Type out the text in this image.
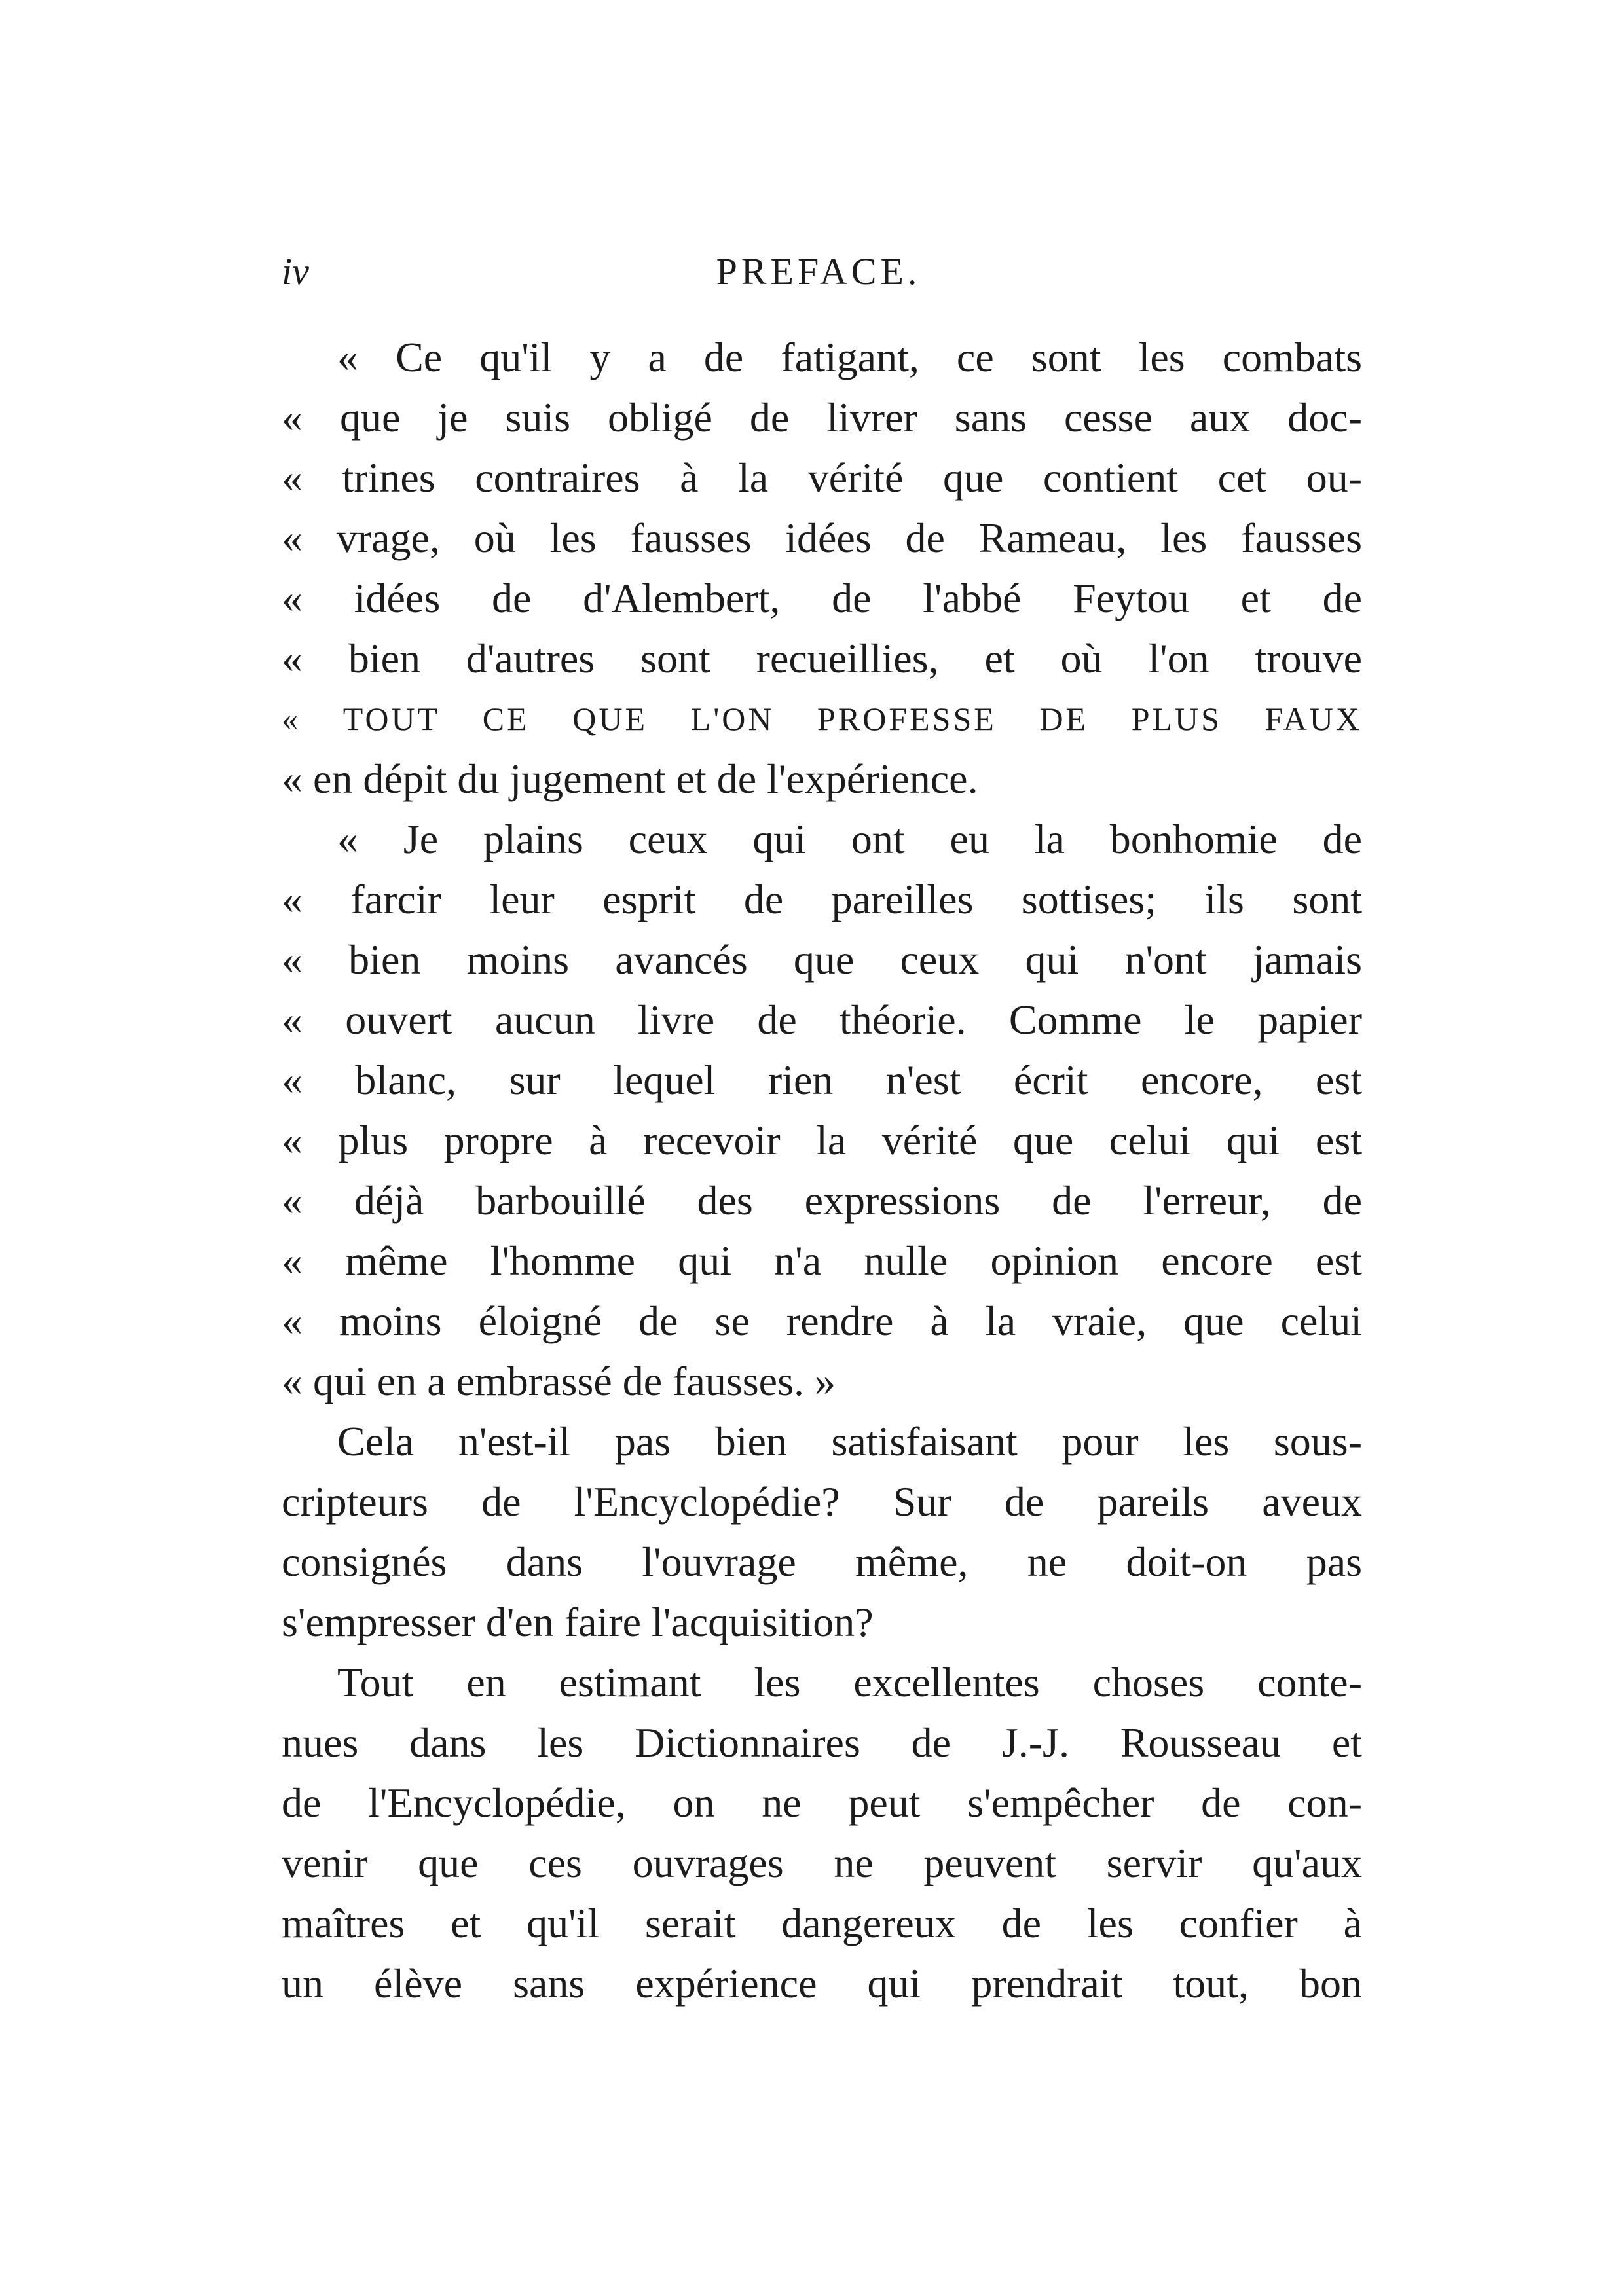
iv	PREFACE.
« Ce qu'il y a de fatigant, ce sont les combats
« que je suis obligé de livrer sans cesse aux doc-
« trines contraires à la vérité que contient cet ou-
« vrage, où les fausses idées de Rameau, les fausses
« idées de d'Alembert, de l'abbé Feytou et de
« bien d'autres sont recueillies, et où l'on trouve
« TOUT CE QUE L'ON PROFESSE DE PLUS FAUX
« en dépit du jugement et de l'expérience.
« Je plains ceux qui ont eu la bonhomie de
« farcir leur esprit de pareilles sottises; ils sont
« bien moins avancés que ceux qui n'ont jamais
« ouvert aucun livre de théorie. Comme le papier
« blanc, sur lequel rien n'est écrit encore, est
« plus propre à recevoir la vérité que celui qui est
« déjà barbouillé des expressions de l'erreur, de
« même l'homme qui n'a nulle opinion encore est
« moins éloigné de se rendre à la vraie, que celui
« qui en a embrassé de fausses. »
Cela n'est-il pas bien satisfaisant pour les sous-
cripteurs de l'Encyclopédie? Sur de pareils aveux
consignés dans l'ouvrage même, ne doit-on pas
s'empresser d'en faire l'acquisition?
Tout en estimant les excellentes choses conte-
nues dans les Dictionnaires de J.-J. Rousseau et
de l'Encyclopédie, on ne peut s'empêcher de con-
venir que ces ouvrages ne peuvent servir qu'aux
maîtres et qu'il serait dangereux de les confier à
un élève sans expérience qui prendrait tout, bon
